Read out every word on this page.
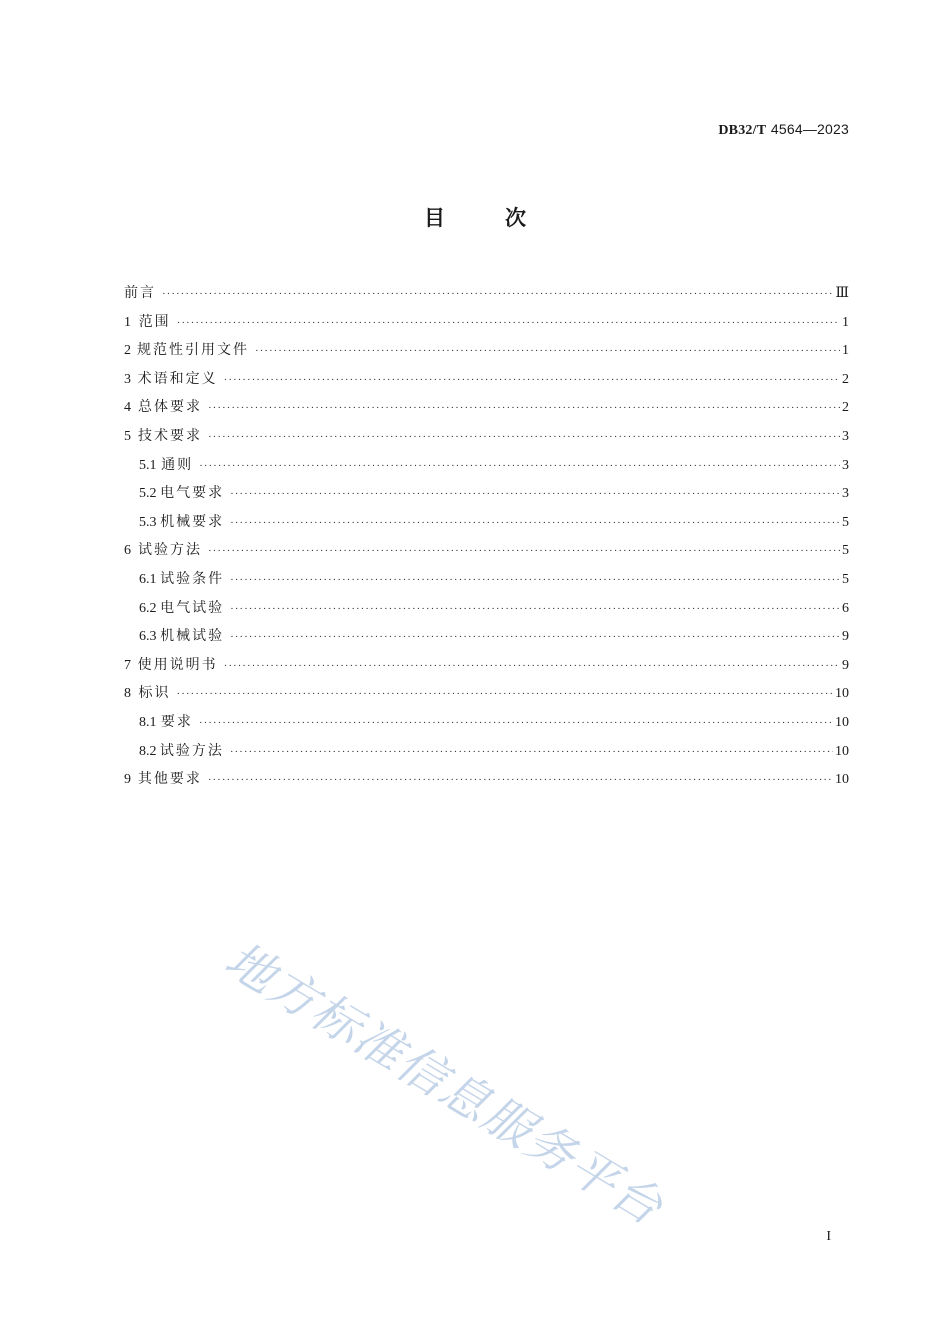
DB32/T 4564—2023
目次
前言 ·····	Ⅲ
1 范围 ·····	1
2 规范性引用文件 ·····	1
3 术语和定义 ·····	2
4 总体要求 ·····	2
5 技术要求 ·····	3
5.1 通则 ·····	3
5.2 电气要求 ·····	3
5.3 机械要求 ·····	5
6 试验方法 ·····	5
6.1 试验条件 ·····	5
6.2 电气试验 ·····	6
6.3 机械试验 ·····	9
7 使用说明书 ·····	9
8 标识 ·····	10
8.1 要求 ·····	10
8.2 试验方法 ·····	10
9 其他要求 ·····	10
地方标准信息服务平台	I
